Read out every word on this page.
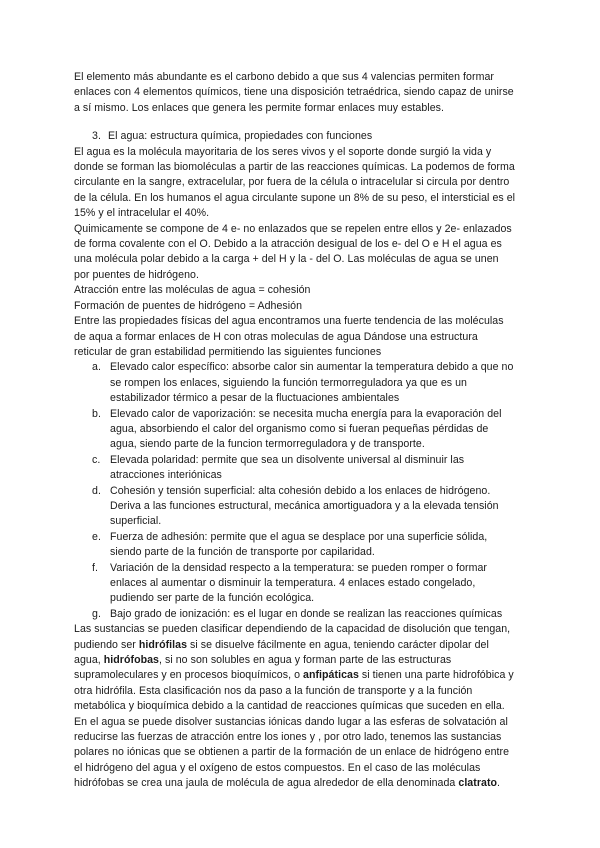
El elemento más abundante es el carbono debido a que sus 4 valencias permiten formar enlaces con 4 elementos químicos, tiene una disposición tetraédrica, siendo capaz de unirse a sí mismo. Los enlaces que genera les permite formar enlaces muy estables.

3. El agua: estructura química, propiedades con funciones

El agua es la molécula mayoritaria de los seres vivos y el soporte donde surgió la vida y donde se forman las biomoléculas a partir de las reacciones químicas. La podemos de forma circulante en la sangre, extracelular, por fuera de la célula o intracelular si circula por dentro de la célula. En los humanos el agua circulante supone un 8% de su peso, el intersticial es el 15% y el intracelular el 40%.

Quimicamente se compone de 4 e- no enlazados que se repelen entre ellos y 2e- enlazados de forma covalente con el O. Debido a la atracción desigual de los e- del O e H el agua es una molécula polar debido a la carga + del H y la - del O. Las moléculas de agua se unen por puentes de hidrógeno.

Atracción entre las moléculas de agua = cohesión

Formación de puentes de hidrógeno = Adhesión

Entre las propiedades físicas del agua encontramos una fuerte tendencia de las moléculas de aqua a formar enlaces de H con otras moleculas de agua Dándose una estructura reticular de gran estabilidad permitiendo las siguientes funciones

a. Elevado calor específico: absorbe calor sin aumentar la temperatura debido a que no se rompen los enlaces, siguiendo la función termorreguladora ya que es un estabilizador térmico a pesar de la fluctuaciones ambientales
b. Elevado calor de vaporización: se necesita mucha energía para la evaporación del agua, absorbiendo el calor del organismo como si fueran pequeñas pérdidas de agua, siendo parte de la funcion termorreguladora y de transporte.
c. Elevada polaridad: permite que sea un disolvente universal al disminuir las atracciones interiónicas
d. Cohesión y tensión superficial: alta cohesión debido a los enlaces de hidrógeno. Deriva a las funciones estructural, mecánica amortiguadora y a la elevada tensión superficial.
e. Fuerza de adhesión: permite que el agua se desplace por una superficie sólida, siendo parte de la función de transporte por capilaridad.
f. Variación de la densidad respecto a la temperatura: se pueden romper o formar enlaces al aumentar o disminuir la temperatura. 4 enlaces estado congelado, pudiendo ser parte de la función ecológica.
g. Bajo grado de ionización: es el lugar en donde se realizan las reacciones químicas

Las sustancias se pueden clasificar dependiendo de la capacidad de disolución que tengan, pudiendo ser hidrófilas si se disuelve fácilmente en agua, teniendo carácter dipolar del agua, hidrófobas, si no son solubles en agua y forman parte de las estructuras supramoleculares y en procesos bioquímicos, o anfipáticas si tienen una parte hidrofóbica y otra hidrófila. Esta clasificación nos da paso a la función de transporte y a la función metabólica y bioquímica debido a la cantidad de reacciones químicas que suceden en ella. En el agua se puede disolver sustancias iónicas dando lugar a las esferas de solvatación al reducirse las fuerzas de atracción entre los iones y , por otro lado, tenemos las sustancias polares no iónicas que se obtienen a partir de la formación de un enlace de hidrógeno entre el hidrógeno del agua y el oxígeno de estos compuestos. En el caso de las moléculas hidrófobas se crea una jaula de molécula de agua alrededor de ella denominada clatrato.
